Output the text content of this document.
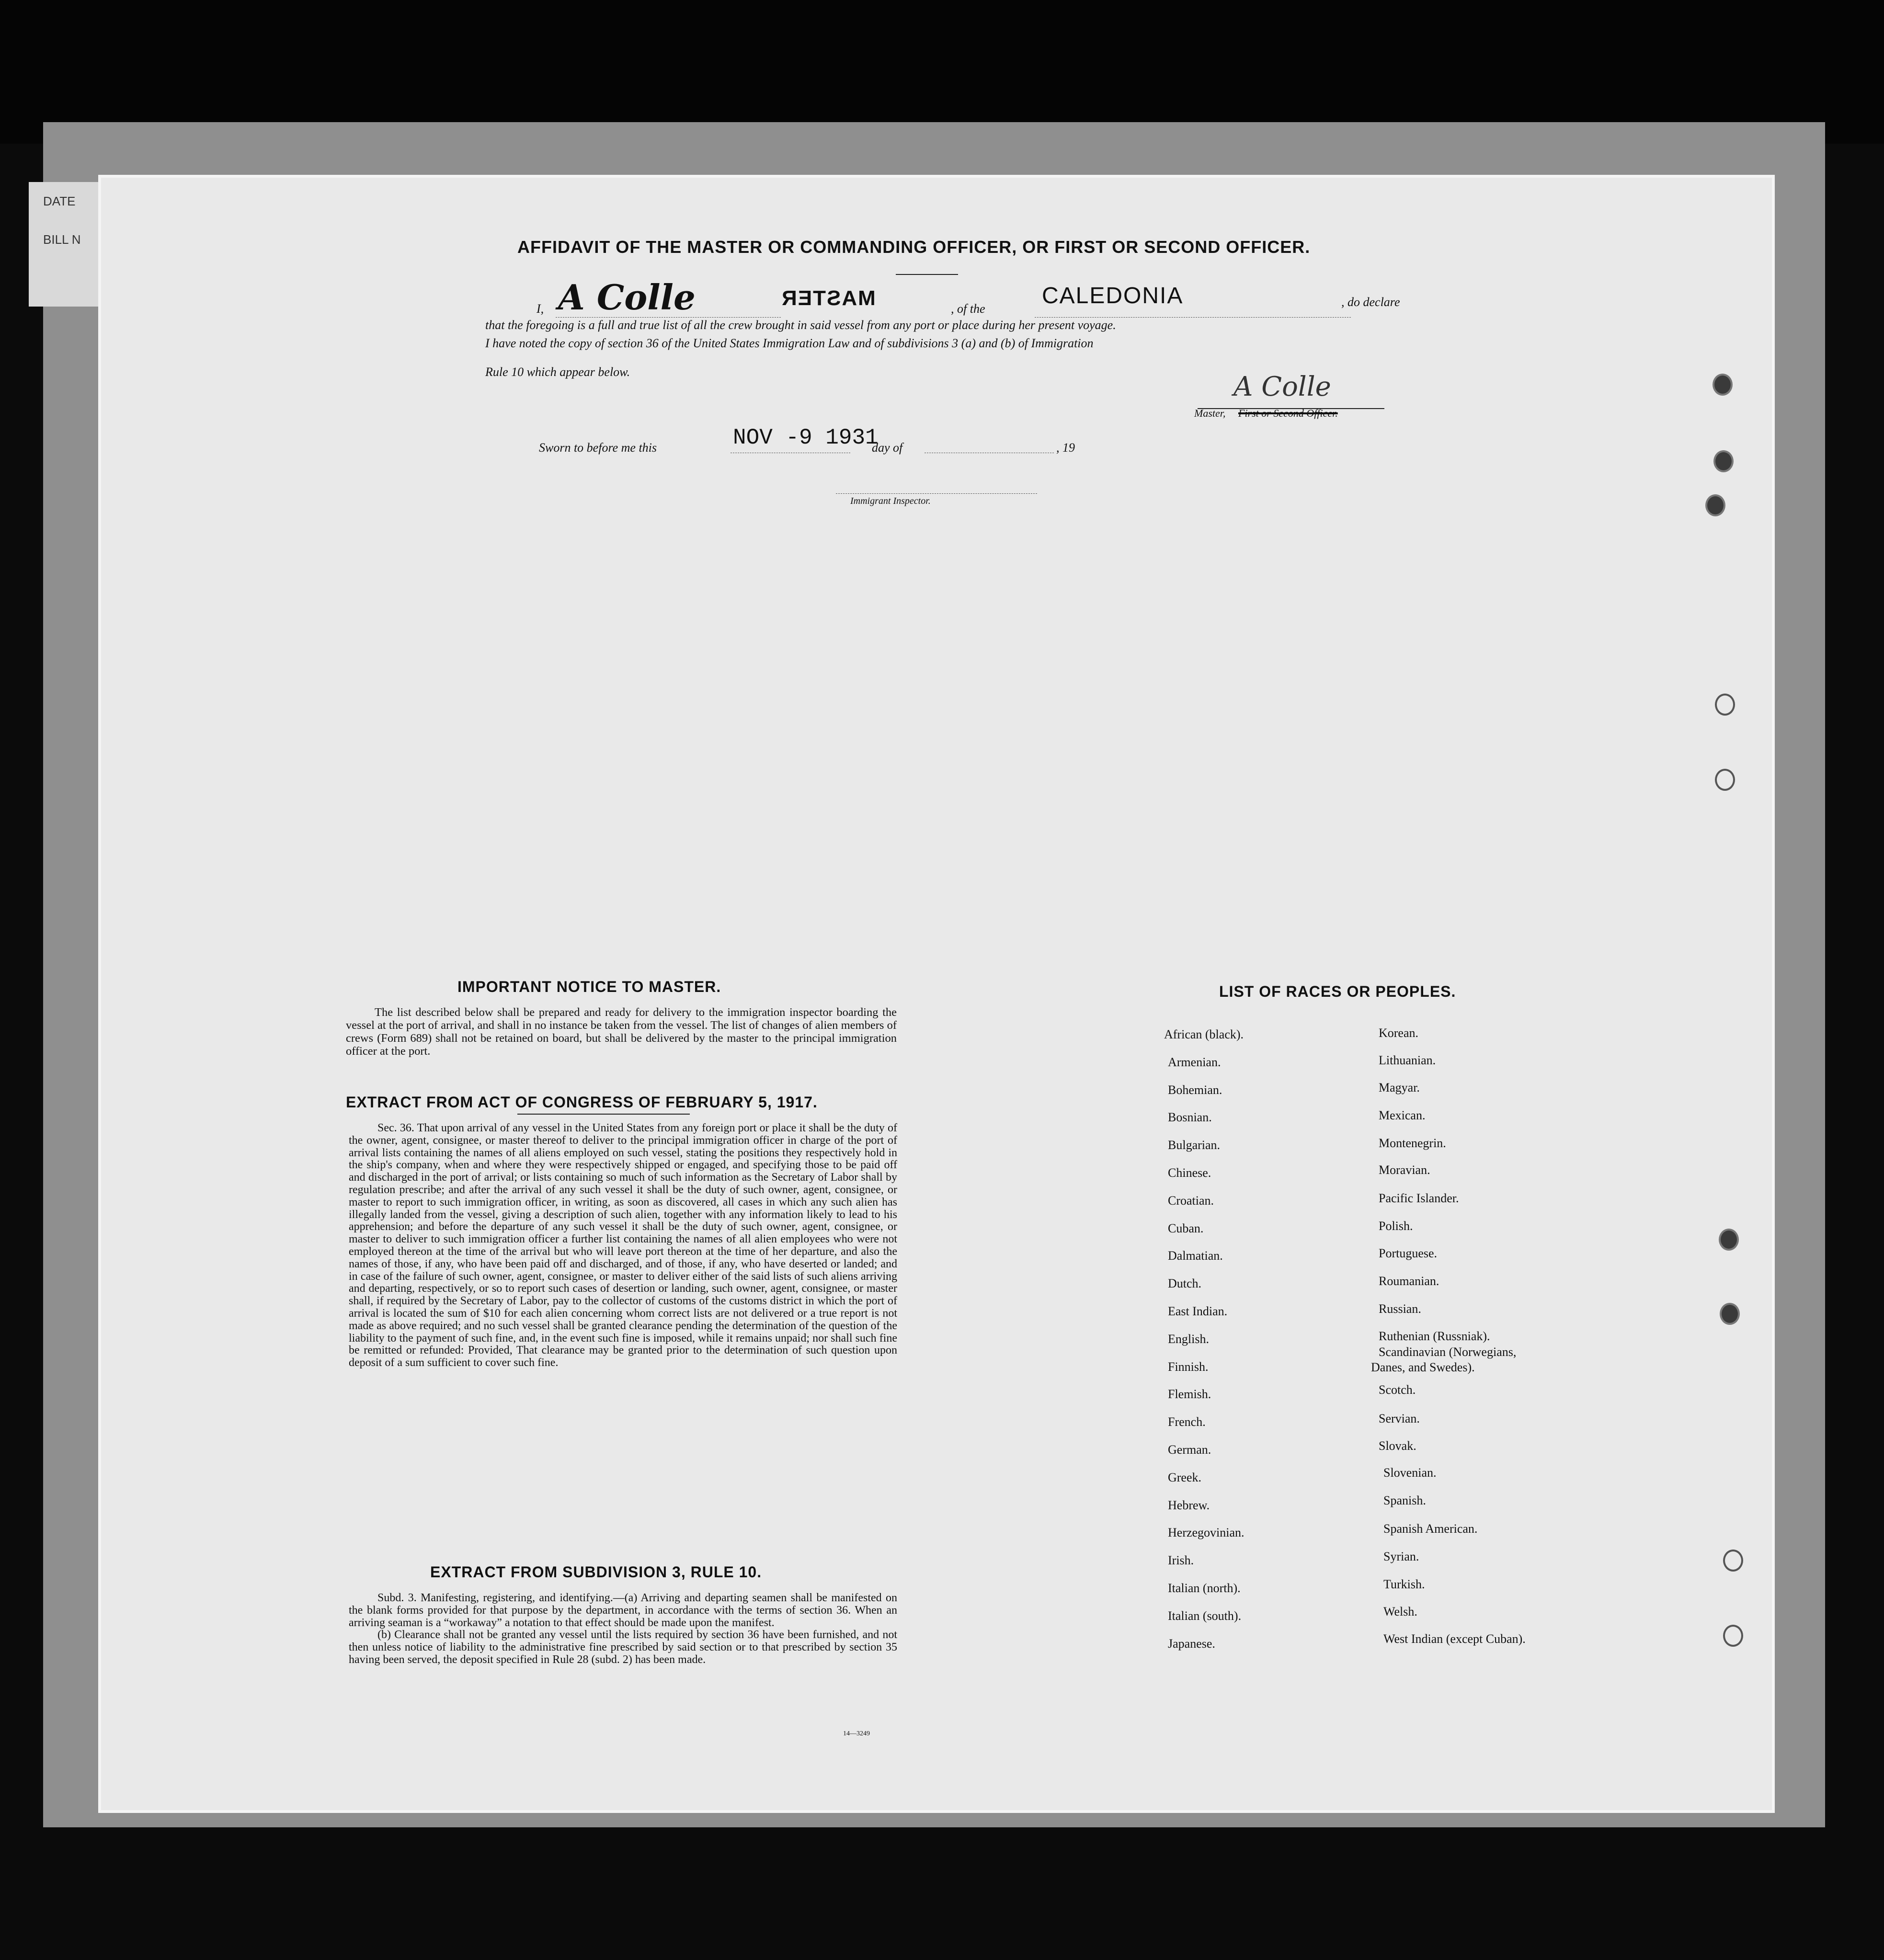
DATE
BILL N	AFFIDAVIT OF THE MASTER OR COMMANDING OFFICER, OR FIRST OR SECOND OFFICER.
I, A Colle	MASTER	, of the
CALEDONIA	, do declare
that the foregoing is a full and true list of all the crew brought in said vessel from any port or place during her present voyage.
I have noted the copy of section 36 of the United States Immigration Law and of subdivisions 3 (a) and (b) of Immigration
Rule 10 which appear below.	A Colle
Master, First or Second Officer.
Sworn to before me this	NOV -9 1931
day of	, 19
Immigrant Inspector.
IMPORTANT NOTICE TO MASTER.

The list described below shall be prepared and ready for delivery to the immigration inspector boarding the vessel at the port of arrival, and shall in no instance be taken from the vessel. The list of changes of alien members of crews (Form 689) shall not be retained on board, but shall be delivered by the master to the principal immigration officer at the port.

EXTRACT FROM ACT OF CONGRESS OF FEBRUARY 5, 1917.

Sec. 36. That upon arrival of any vessel in the United States from any foreign port or place it shall be the duty of the owner, agent, consignee, or master thereof to deliver to the principal immigration officer in charge of the port of arrival lists containing the names of all aliens employed on such vessel, stating the positions they respectively hold in the ship's company, when and where they were respectively shipped or engaged, and specifying those to be paid off and discharged in the port of arrival; or lists containing so much of such information as the Secretary of Labor shall by regulation prescribe; and after the arrival of any such vessel it shall be the duty of such owner, agent, consignee, or master to report to such immigration officer, in writing, as soon as discovered, all cases in which any such alien has illegally landed from the vessel, giving a description of such alien, together with any information likely to lead to his apprehension; and before the departure of any such vessel it shall be the duty of such owner, agent, consignee, or master to deliver to such immigration officer a further list containing the names of all alien employees who were not employed thereon at the time of the arrival but who will leave port thereon at the time of her departure, and also the names of those, if any, who have been paid off and discharged, and of those, if any, who have deserted or landed; and in case of the failure of such owner, agent, consignee, or master to deliver either of the said lists of such aliens arriving and departing, respectively, or so to report such cases of desertion or landing, such owner, agent, consignee, or master shall, if required by the Secretary of Labor, pay to the collector of customs of the customs district in which the port of arrival is located the sum of $10 for each alien concerning whom correct lists are not delivered or a true report is not made as above required; and no such vessel shall be granted clearance pending the determination of the question of the liability to the payment of such fine, and, in the event such fine is imposed, while it remains unpaid; nor shall such fine be remitted or refunded: Provided, That clearance may be granted prior to the determination of such question upon deposit of a sum sufficient to cover such fine.

EXTRACT FROM SUBDIVISION 3, RULE 10.

Subd. 3. Manifesting, registering, and identifying.—(a) Arriving and departing seamen shall be manifested on the blank forms provided for that purpose by the department, in accordance with the terms of section 36. When an arriving seaman is a “workaway” a notation to that effect should be made upon the manifest.

(b) Clearance shall not be granted any vessel until the lists required by section 36 have been furnished, and not then unless notice of liability to the administrative fine prescribed by said section or to that prescribed by section 35 having been served, the deposit specified in Rule 28 (subd. 2) has been made.

14—3249
LIST OF RACES OR PEOPLES.
African (black).
Armenian.
Bohemian.
Bosnian.
Bulgarian.
Chinese.
Croatian.
Cuban.
Dalmatian.
Dutch.
East Indian.
English.
Finnish.
Flemish.
French.
German.
Greek.
Hebrew.
Herzegovinian.
Irish.
Italian (north).
Italian (south).
Japanese.
Korean.
Lithuanian.
Magyar.
Mexican.
Montenegrin.
Moravian.
Pacific Islander.
Polish.
Portuguese.
Roumanian.
Russian.
Ruthenian (Russniak).
Scandinavian (Norwegians,
Danes, and Swedes).
Scotch.
Servian.
Slovak.
Slovenian.
Spanish.
Spanish American.
Syrian.
Turkish.
Welsh.
West Indian (except Cuban).
